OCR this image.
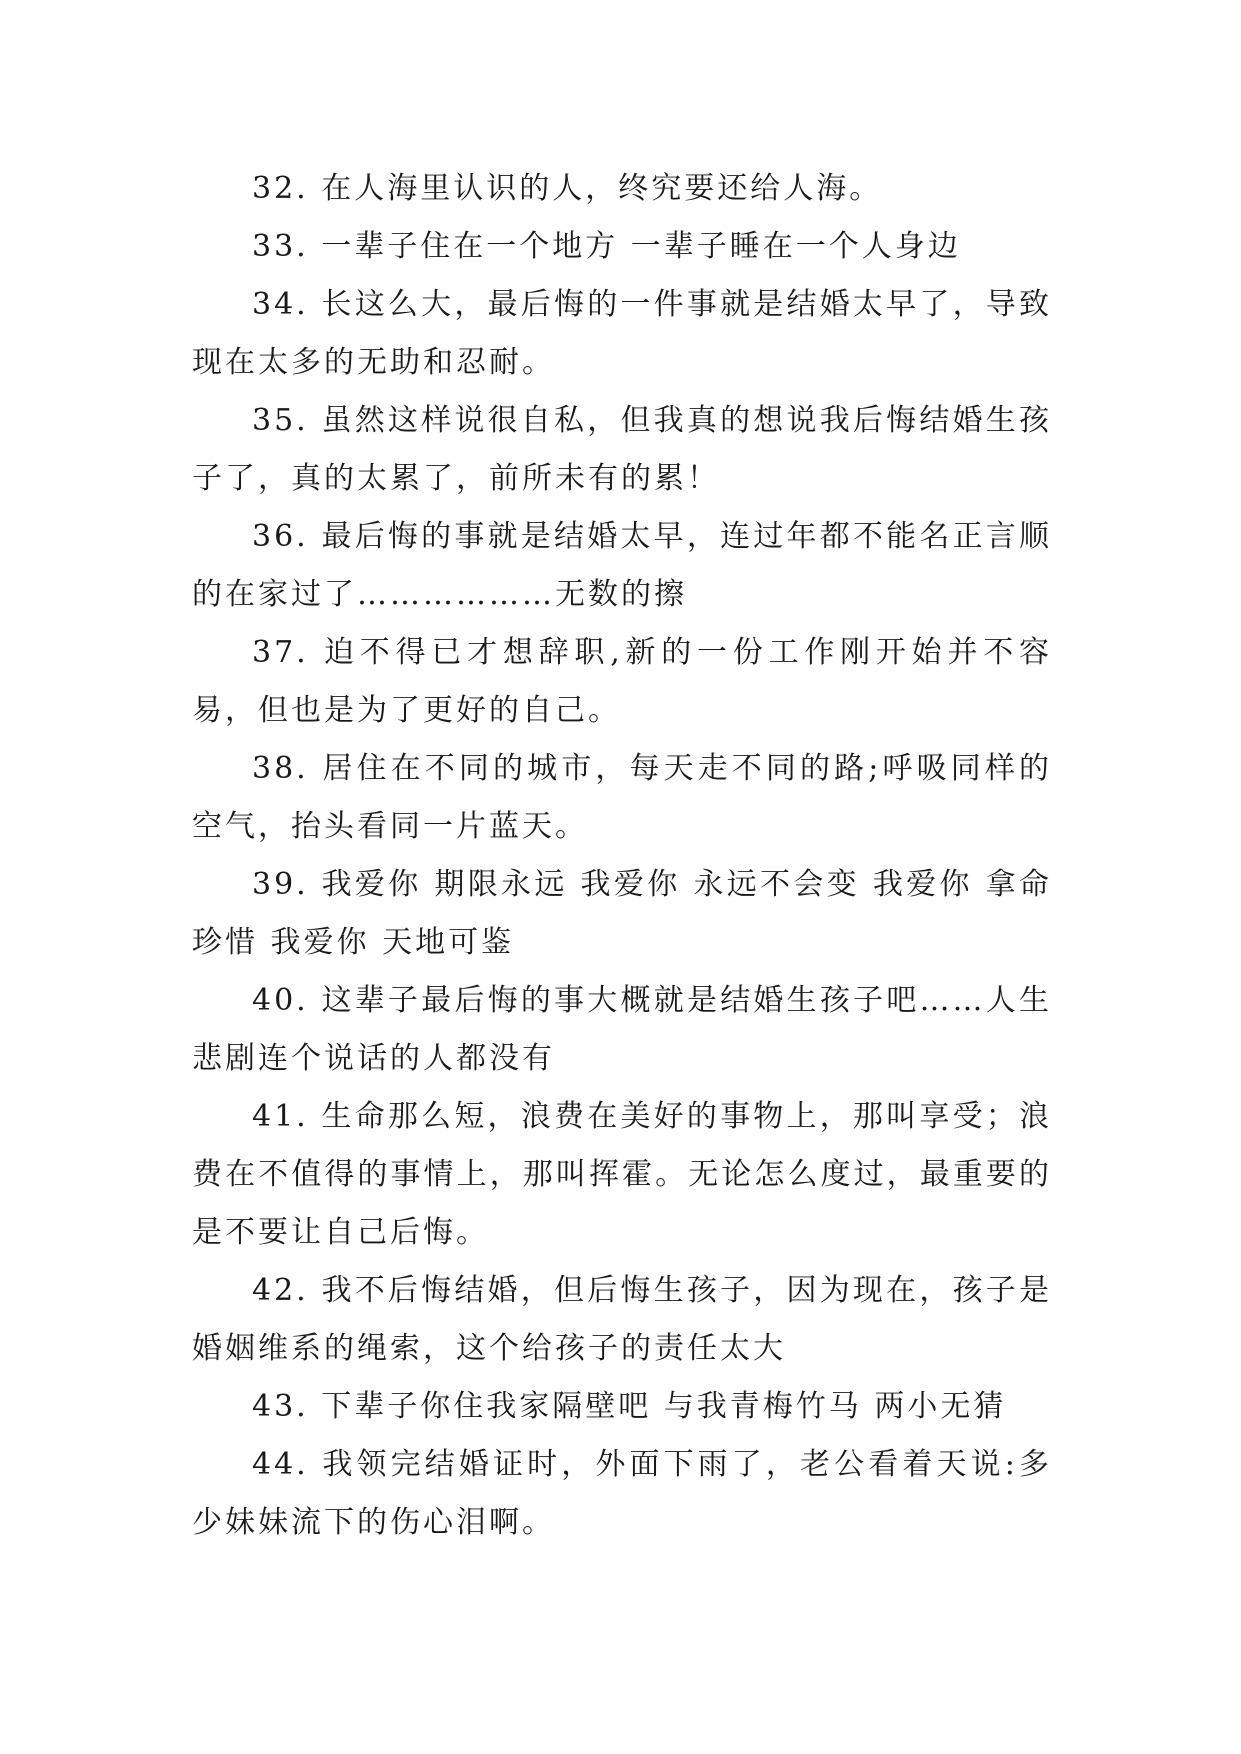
32. 在人海里认识的人，终究要还给人海。

33. 一辈子住在一个地方 一辈子睡在一个人身边

34. 长这么大，最后悔的一件事就是结婚太早了，导致现在太多的无助和忍耐。

35. 虽然这样说很自私，但我真的想说我后悔结婚生孩子了，真的太累了，前所未有的累！

36. 最后悔的事就是结婚太早，连过年都不能名正言顺的在家过了………………无数的擦

37. 迫不得已才想辞职,新的一份工作刚开始并不容易，但也是为了更好的自己。

38. 居住在不同的城市，每天走不同的路;呼吸同样的空气，抬头看同一片蓝天。

39. 我爱你 期限永远 我爱你 永远不会变 我爱你 拿命珍惜 我爱你 天地可鉴

40. 这辈子最后悔的事大概就是结婚生孩子吧……人生悲剧连个说话的人都没有

41. 生命那么短，浪费在美好的事物上，那叫享受；浪费在不值得的事情上，那叫挥霍。无论怎么度过，最重要的是不要让自己后悔。

42. 我不后悔结婚，但后悔生孩子，因为现在，孩子是婚姻维系的绳索，这个给孩子的责任太大

43. 下辈子你住我家隔壁吧 与我青梅竹马 两小无猜

44. 我领完结婚证时，外面下雨了，老公看着天说:多少妹妹流下的伤心泪啊。
